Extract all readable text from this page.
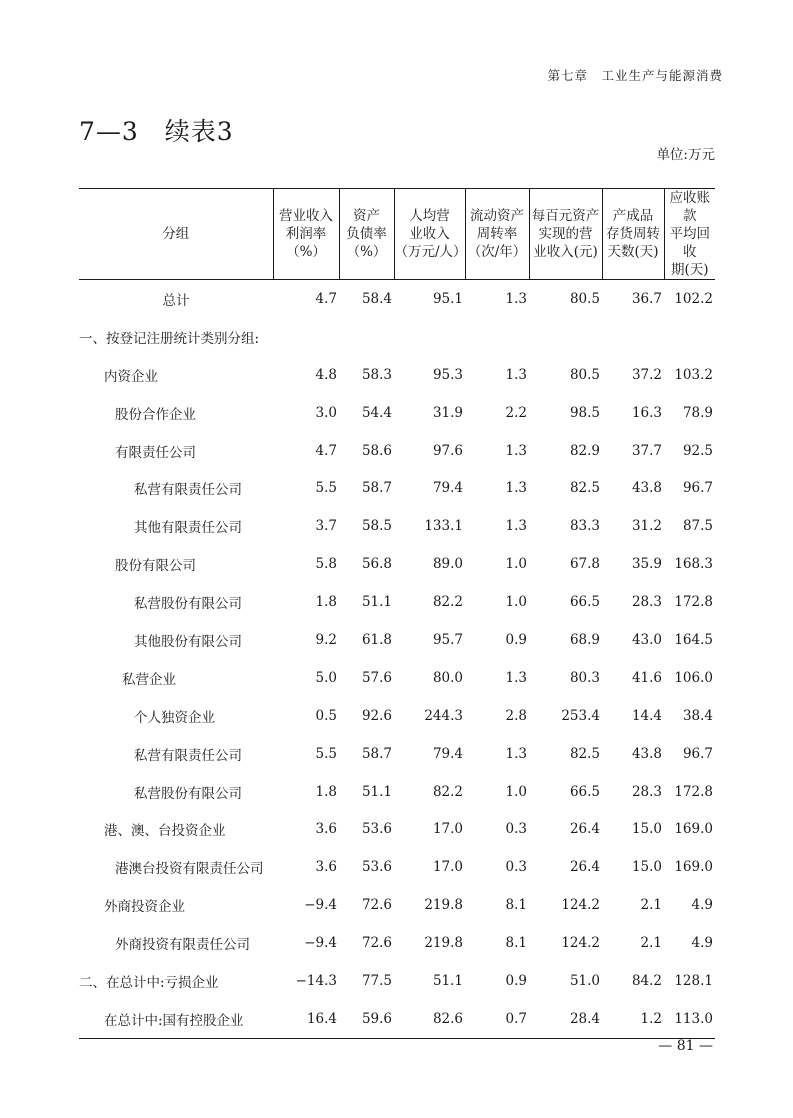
第七章　工业生产与能源消费
7—3　续表3
单位:万元
分组	营业收入
利润率
（%）	资产
负债率
（%）	人均营
业收入
（万元/人）	流动资产
周转率
（次/年）	每百元资产
实现的营
业收入(元)	产成品
存货周转
天数(天)	应收账款
平均回收
期(天)
总计	4.7	58.4	95.1	1.3	80.5	36.7	102.2
一、按登记注册统计类别分组:							
内资企业	4.8	58.3	95.3	1.3	80.5	37.2	103.2
股份合作企业	3.0	54.4	31.9	2.2	98.5	16.3	78.9
有限责任公司	4.7	58.6	97.6	1.3	82.9	37.7	92.5
私营有限责任公司	5.5	58.7	79.4	1.3	82.5	43.8	96.7
其他有限责任公司	3.7	58.5	133.1	1.3	83.3	31.2	87.5
股份有限公司	5.8	56.8	89.0	1.0	67.8	35.9	168.3
私营股份有限公司	1.8	51.1	82.2	1.0	66.5	28.3	172.8
其他股份有限公司	9.2	61.8	95.7	0.9	68.9	43.0	164.5
私营企业	5.0	57.6	80.0	1.3	80.3	41.6	106.0
个人独资企业	0.5	92.6	244.3	2.8	253.4	14.4	38.4
私营有限责任公司	5.5	58.7	79.4	1.3	82.5	43.8	96.7
私营股份有限公司	1.8	51.1	82.2	1.0	66.5	28.3	172.8
港、澳、台投资企业	3.6	53.6	17.0	0.3	26.4	15.0	169.0
港澳台投资有限责任公司	3.6	53.6	17.0	0.3	26.4	15.0	169.0
外商投资企业	−9.4	72.6	219.8	8.1	124.2	2.1	4.9
外商投资有限责任公司	−9.4	72.6	219.8	8.1	124.2	2.1	4.9
二、在总计中:亏损企业	−14.3	77.5	51.1	0.9	51.0	84.2	128.1
在总计中:国有控股企业	16.4	59.6	82.6	0.7	28.4	1.2	113.0
— 81 —
